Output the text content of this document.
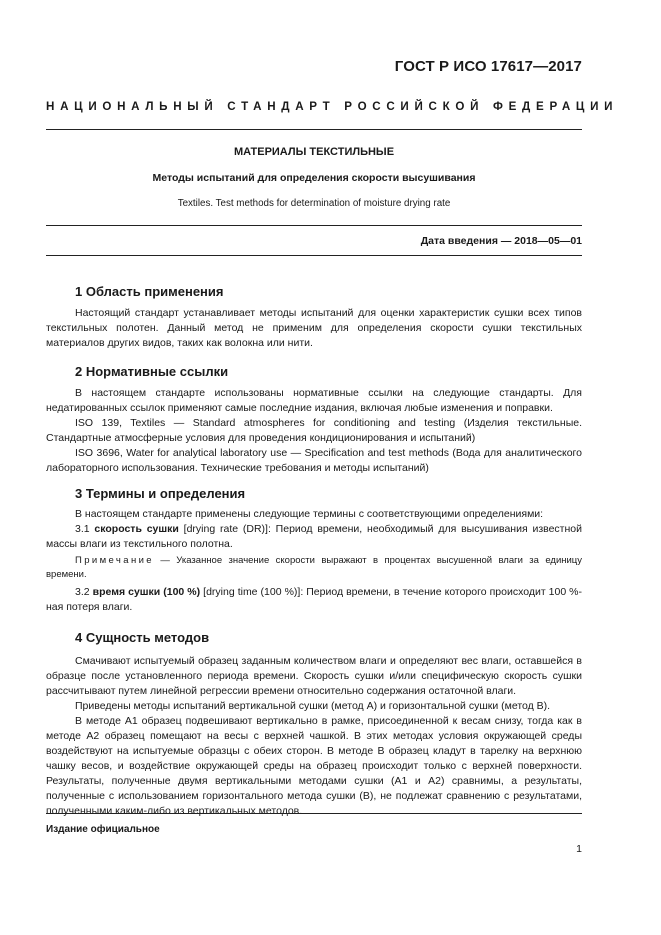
ГОСТ Р ИСО 17617—2017
НАЦИОНАЛЬНЫЙ СТАНДАРТ РОССИЙСКОЙ ФЕДЕРАЦИИ
МАТЕРИАЛЫ ТЕКСТИЛЬНЫЕ
Методы испытаний для определения скорости высушивания
Textiles. Test methods for determination of moisture drying rate
Дата введения — 2018—05—01
1 Область применения

Настоящий стандарт устанавливает методы испытаний для оценки характеристик сушки всех типов текстильных полотен. Данный метод не применим для определения скорости сушки текстильных материалов других видов, таких как волокна или нити.

2 Нормативные ссылки

В настоящем стандарте использованы нормативные ссылки на следующие стандарты. Для недатированных ссылок применяют самые последние издания, включая любые изменения и поправки.

ISO 139, Textiles — Standard atmospheres for conditioning and testing (Изделия текстильные. Стандартные атмосферные условия для проведения кондиционирования и испытаний)

ISO 3696, Water for analytical laboratory use — Specification and test methods (Вода для аналитического лабораторного использования. Технические требования и методы испытаний)

3 Термины и определения

В настоящем стандарте применены следующие термины с соответствующими определениями:

3.1 скорость сушки [drying rate (DR)]: Период времени, необходимый для высушивания известной массы влаги из текстильного полотна.

Примечание — Указанное значение скорости выражают в процентах высушенной влаги за единицу времени.

3.2 время сушки (100 %) [drying time (100 %)]: Период времени, в течение которого происходит 100 %-ная потеря влаги.

4 Сущность методов

Смачивают испытуемый образец заданным количеством влаги и определяют вес влаги, оставшейся в образце после установленного периода времени. Скорость сушки и/или специфическую скорость сушки рассчитывают путем линейной регрессии времени относительно содержания остаточной влаги.

Приведены методы испытаний вертикальной сушки (метод А) и горизонтальной сушки (метод В).

В методе А1 образец подвешивают вертикально в рамке, присоединенной к весам снизу, тогда как в методе А2 образец помещают на весы с верхней чашкой. В этих методах условия окружающей среды воздействуют на испытуемые образцы с обеих сторон. В методе В образец кладут в тарелку на верхнюю чашку весов, и воздействие окружающей среды на образец происходит только с верхней поверхности. Результаты, полученные двумя вертикальными методами сушки (А1 и А2) сравнимы, а результаты, полученные с использованием горизонтального метода сушки (В), не подлежат сравнению с результатами, полученными каким-либо из вертикальных методов.

Издание официальное
1
